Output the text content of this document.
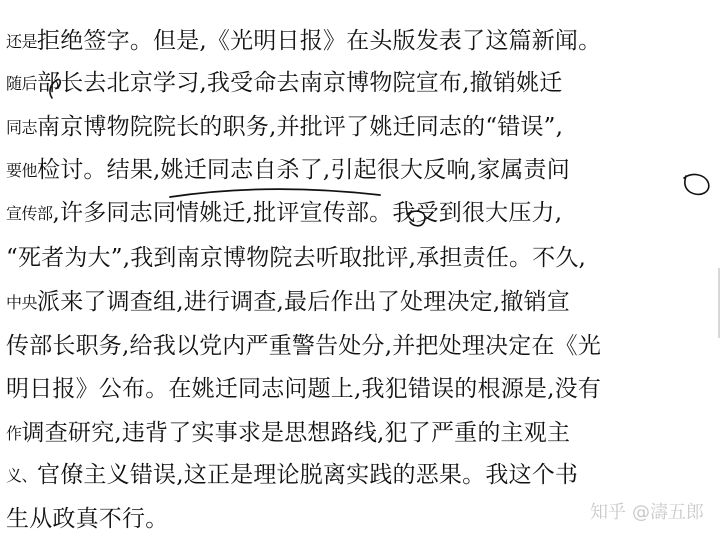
还是拒绝签字。但是,《光明日报》在头版发表了这篇新闻。
随后部长去北京学习,我受命去南京博物院宣布,撤销姚迁
同志南京博物院院长的职务,并批评了姚迁同志的“错误”,
要他检讨。结果,姚迁同志自杀了,引起很大反响,家属责问
宣传部,许多同志同情姚迁,批评宣传部。我受到很大压力,
“死者为大”,我到南京博物院去听取批评,承担责任。不久,
中央派来了调查组,进行调查,最后作出了处理决定,撤销宣
传部长职务,给我以党内严重警告处分,并把处理决定在《光
明日报》公布。在姚迁同志问题上,我犯错误的根源是,没有
作调查研究,违背了实事求是思想路线,犯了严重的主观主
义、官僚主义错误,这正是理论脱离实践的恶果。我这个书
生从政真不行。	知乎 @濤五郎
